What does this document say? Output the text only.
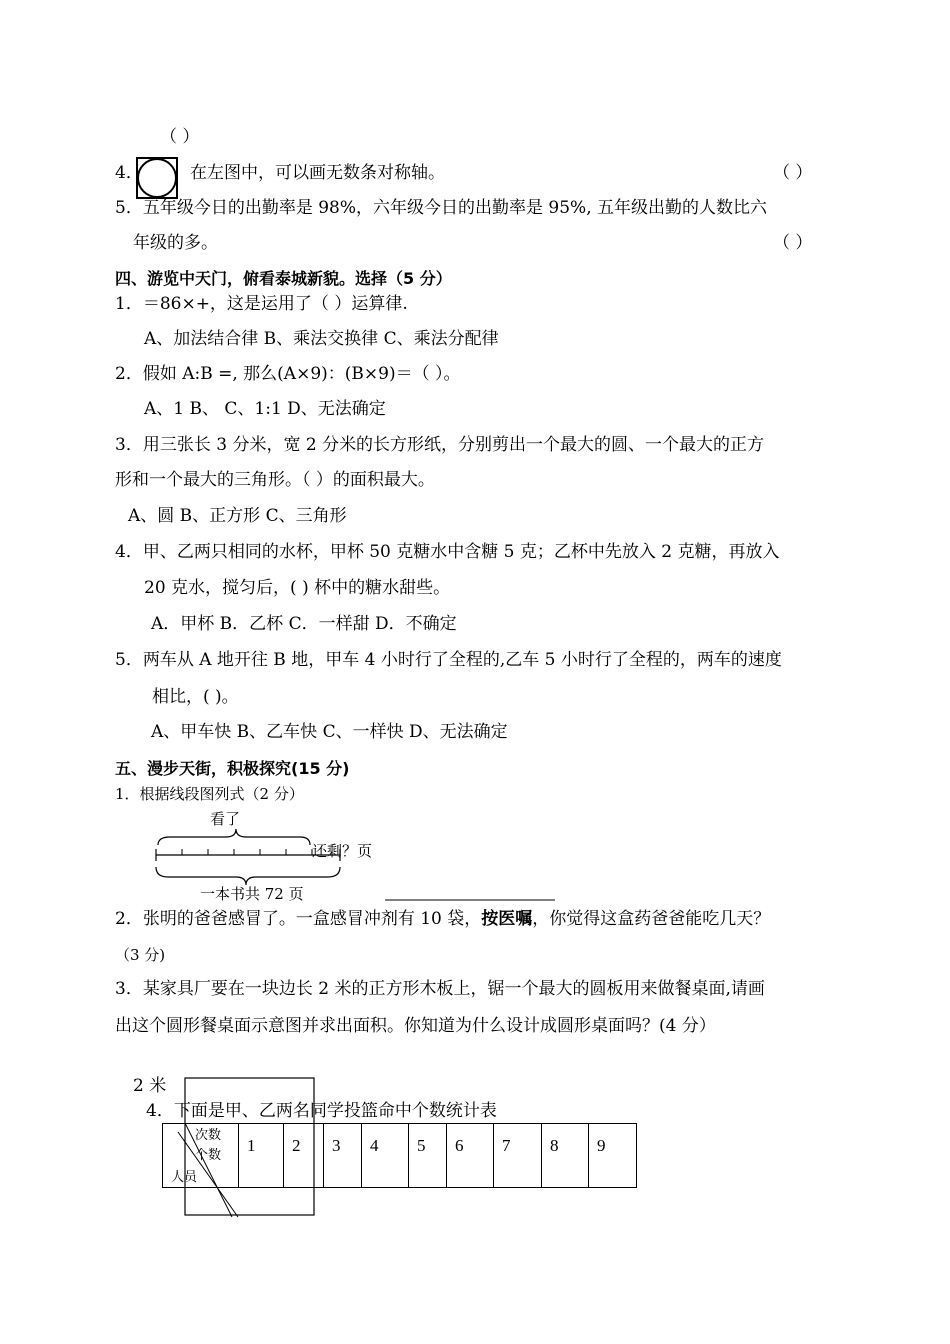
（ ）
4．	在左图中，可以画无数条对称轴。	（ ）
5．五年级今日的出勤率是 98%，六年级今日的出勤率是 95%, 五年级出勤的人数比六
年级的多。	（ ）
四、游览中天门，俯看泰城新貌。选择（5 分）
1．＝86×+，这是运用了（ ）运算律.
A、加法结合律 B、乘法交换律 C、乘法分配律
2．假如 A:B =, 那么(A×9)：(B×9)＝（ ）。
A、1 B、 C、1:1 D、无法确定
3．用三张长 3 分米，宽 2 分米的长方形纸，分别剪出一个最大的圆、一个最大的正方
形和一个最大的三角形。（ ）的面积最大。
A、圆 B、正方形 C、三角形
4．甲、乙两只相同的水杯，甲杯 50 克糖水中含糖 5 克；乙杯中先放入 2 克糖，再放入
20 克水，搅匀后，( ) 杯中的糖水甜些。
A．甲杯 B．乙杯 C．一样甜 D．不确定
5．两车从 A 地开往 B 地，甲车 4 小时行了全程的,乙车 5 小时行了全程的，两车的速度
相比，( )。
A、甲车快 B、乙车快 C、一样快 D、无法确定
五、漫步天街，积极探究(15 分)
1．根据线段图列式（2 分）
看了
还剩？页
一本书共 72 页
2．张明的爸爸感冒了。一盒感冒冲剂有 10 袋，按医嘱，你觉得这盒药爸爸能吃几天？
（3 分)
3．某家具厂要在一块边长 2 米的正方形木板上，锯一个最大的圆板用来做餐桌面,请画
出这个圆形餐桌面示意图并求出面积。你知道为什么设计成圆形桌面吗？(4 分）
2 米
4．下面是甲、乙两名同学投篮命中个数统计表
次数
个数
人员
	1	2	3	4	5	6	7	8	9
